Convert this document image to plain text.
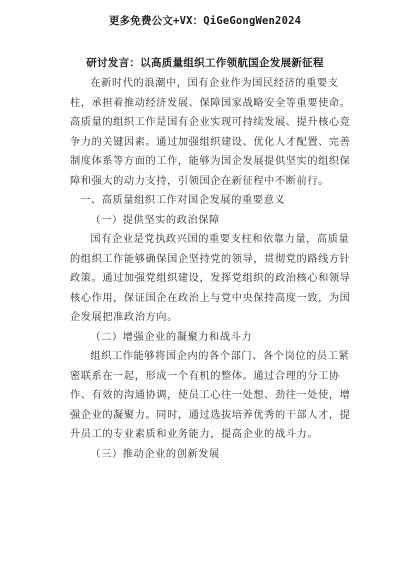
更多免费公文+VX：QiGeGongWen2024
研讨发言：以高质量组织工作领航国企发展新征程

在新时代的浪潮中，国有企业作为国民经济的重要支柱，承担着推动经济发展、保障国家战略安全等重要使命。高质量的组织工作是国有企业实现可持续发展、提升核心竞争力的关键因素。通过加强组织建设、优化人才配置、完善制度体系等方面的工作，能够为国企发展提供坚实的组织保障和强大的动力支持，引领国企在新征程中不断前行。

一、高质量组织工作对国企发展的重要意义

（一）提供坚实的政治保障

国有企业是党执政兴国的重要支柱和依靠力量，高质量的组织工作能够确保国企坚持党的领导，贯彻党的路线方针政策。通过加强党组织建设，发挥党组织的政治核心和领导核心作用，保证国企在政治上与党中央保持高度一致，为国企发展把准政治方向。

（二）增强企业的凝聚力和战斗力

组织工作能够将国企内的各个部门、各个岗位的员工紧密联系在一起，形成一个有机的整体。通过合理的分工协作、有效的沟通协调，使员工心往一处想、劲往一处使，增强企业的凝聚力。同时，通过选拔培养优秀的干部人才，提升员工的专业素质和业务能力，提高企业的战斗力。

（三）推动企业的创新发展
